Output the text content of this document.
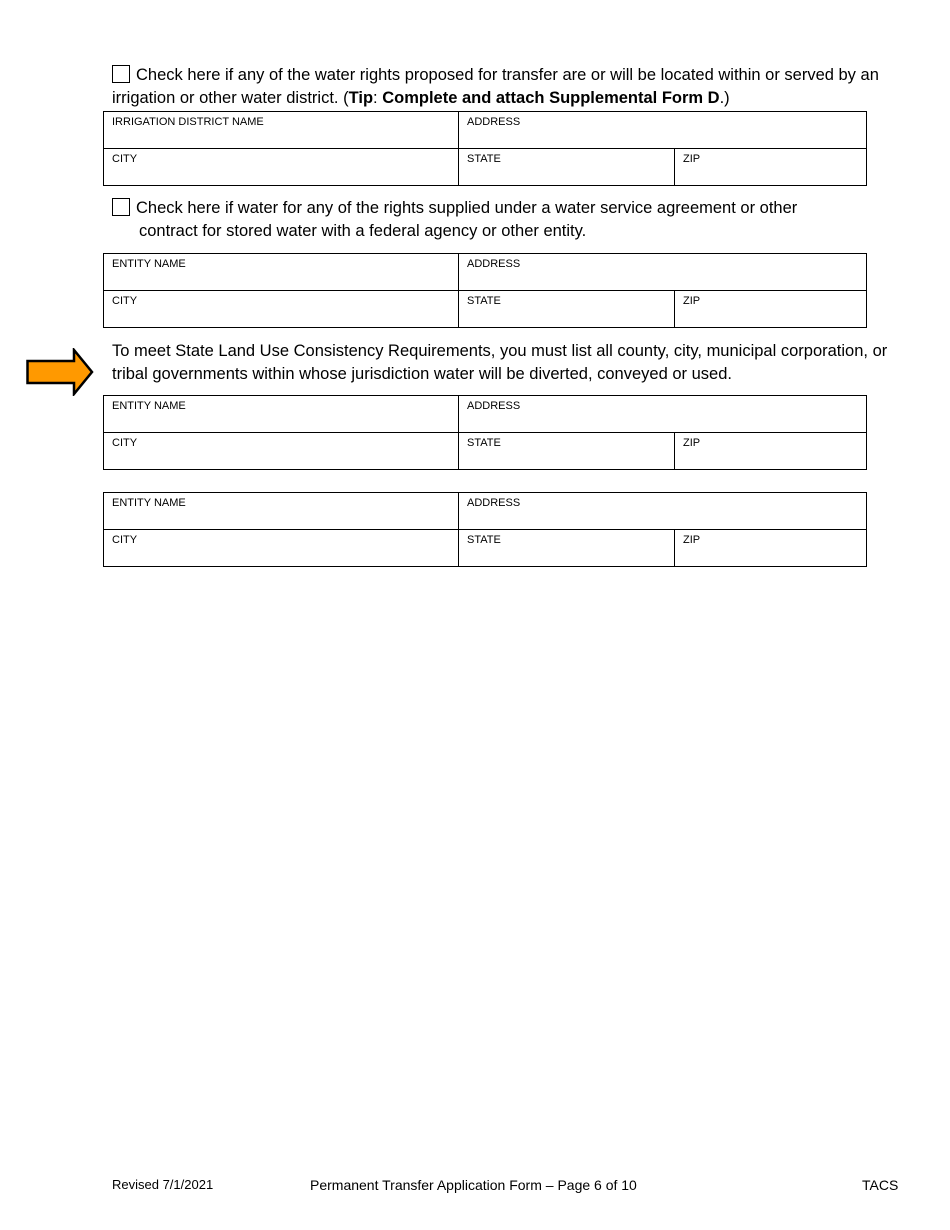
Check here if any of the water rights proposed for transfer are or will be located within or served by an irrigation or other water district. (Tip: Complete and attach Supplemental Form D.)

IRRIGATION DISTRICT NAME	ADDRESS	
CITY	STATE	ZIP

Check here if water for any of the rights supplied under a water service agreement or other
contract for stored water with a federal agency or other entity.

ENTITY NAME	ADDRESS	
CITY	STATE	ZIP

To meet State Land Use Consistency Requirements, you must list all county, city, municipal corporation, or tribal governments within whose jurisdiction water will be diverted, conveyed or used.

ENTITY NAME	ADDRESS	
CITY	STATE	ZIP
ENTITY NAME	ADDRESS	
CITY	STATE	ZIP
Revised 7/1/2021	Permanent Transfer Application Form – Page 6 of 10	TACS
